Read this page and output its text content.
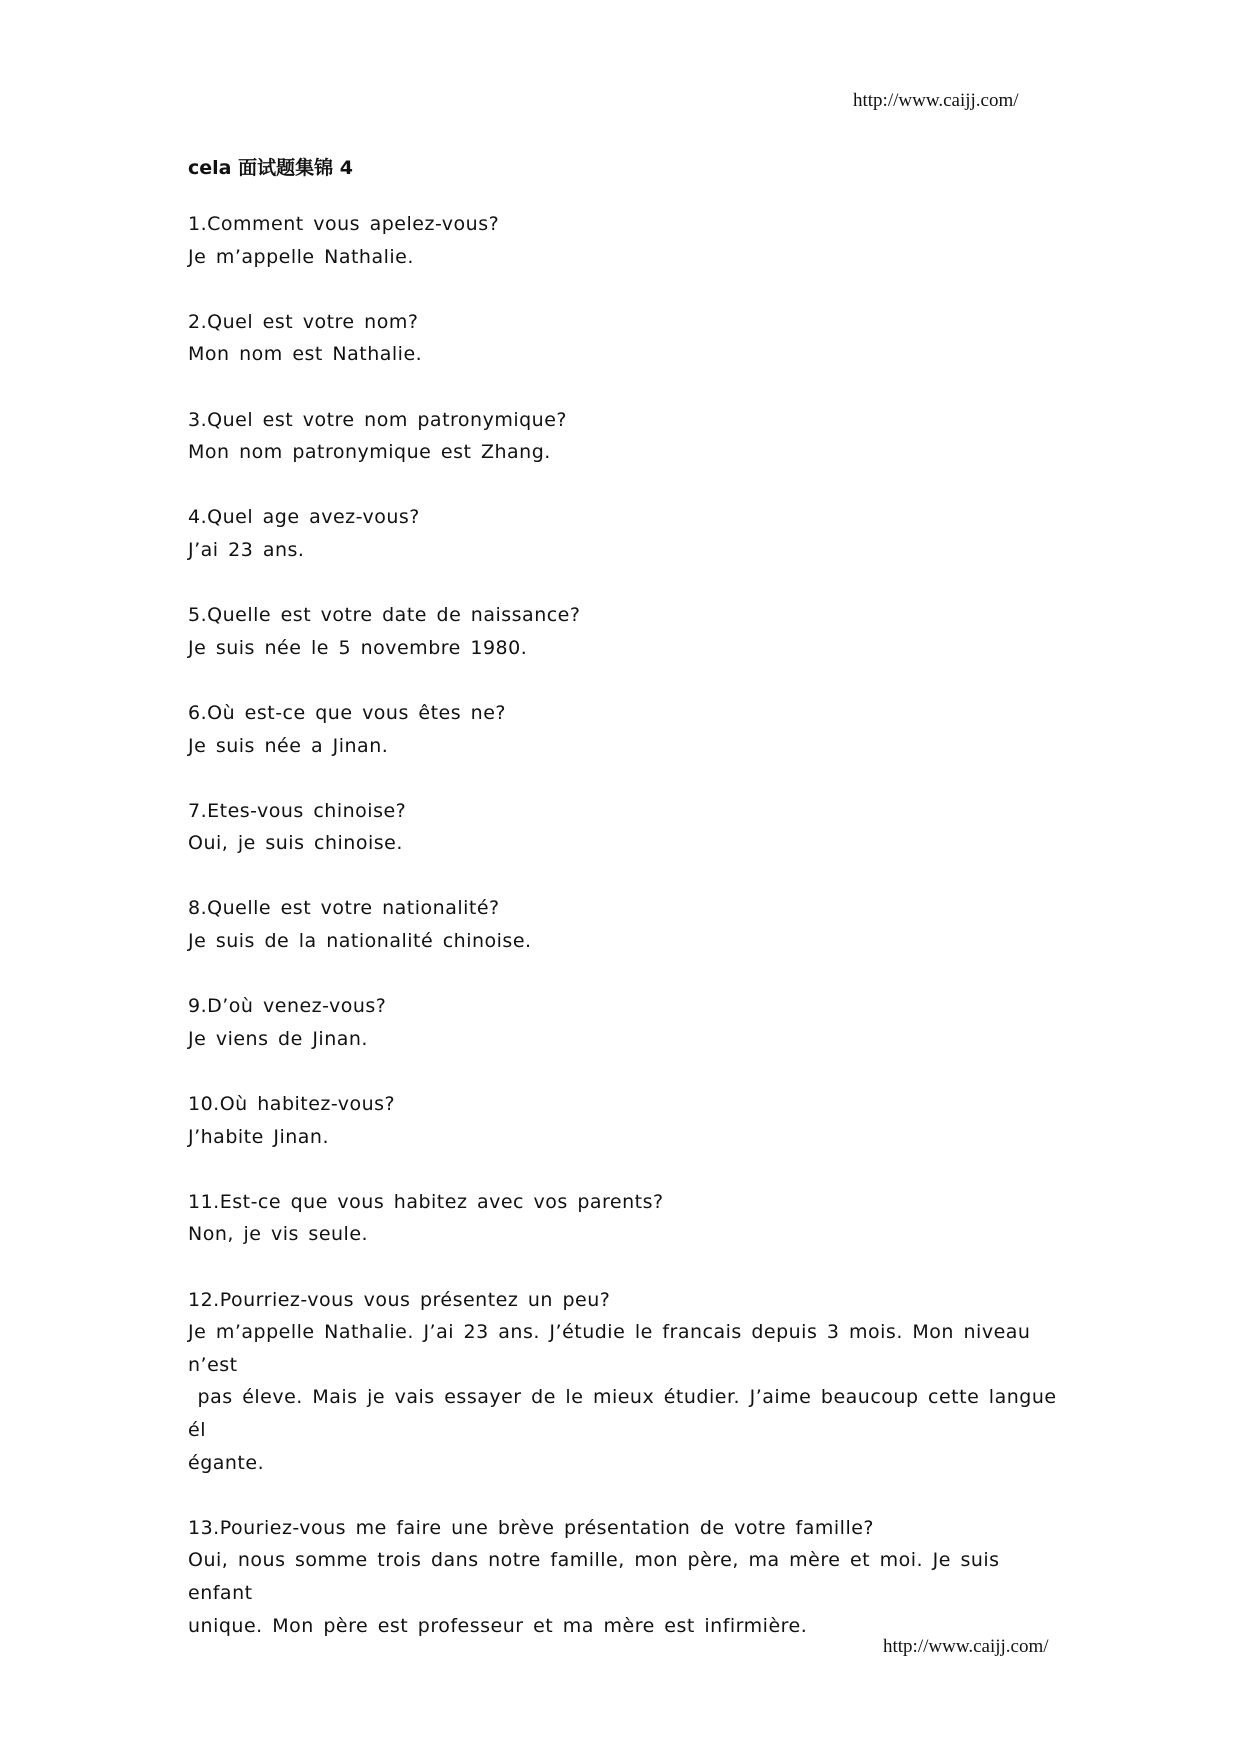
http://www.caijj.com/
cela 面试题集锦 4
1.Comment vous apelez-vous?
Je m’appelle Nathalie.
2.Quel est votre nom?
Mon nom est Nathalie.
3.Quel est votre nom patronymique?
Mon nom patronymique est Zhang.
4.Quel age avez-vous?
J’ai 23 ans.
5.Quelle est votre date de naissance?
Je suis née le 5 novembre 1980.
6.Où est-ce que vous êtes ne?
Je suis née a Jinan.
7.Etes-vous chinoise?
Oui, je suis chinoise.
8.Quelle est votre nationalité?
Je suis de la nationalité chinoise.
9.D’où venez-vous?
Je viens de Jinan.
10.Où habitez-vous?
J’habite Jinan.
11.Est-ce que vous habitez avec vos parents?
Non, je vis seule.
12.Pourriez-vous vous présentez un peu?
Je m’appelle Nathalie. J’ai 23 ans. J’étudie le francais depuis 3 mois. Mon niveau n’est
pas éleve. Mais je vais essayer de le mieux étudier. J’aime beaucoup cette langue él
égante.
13.Pouriez-vous me faire une brève présentation de votre famille?
Oui, nous somme trois dans notre famille, mon père, ma mère et moi. Je suis enfant
unique. Mon père est professeur et ma mère est infirmière.
http://www.caijj.com/
